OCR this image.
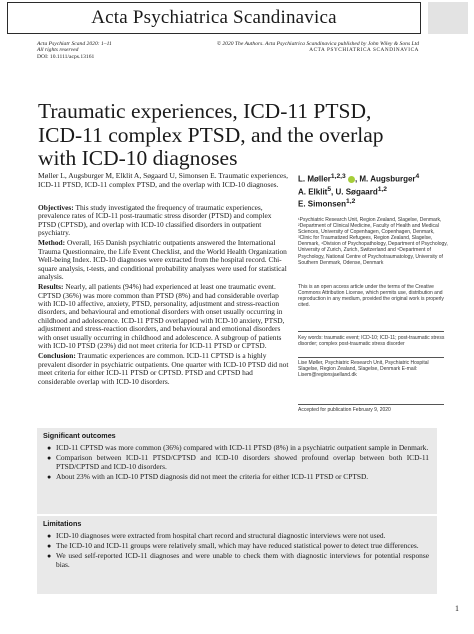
Acta Psychiatrica Scandinavica
Acta Psychiatr Scand 2020: 1–11
All rights reserved
DOI: 10.1111/acps.13161
© 2020 The Authors. Acta Psychiatrica Scandinavica published by John Wiley & Sons Ltd
ACTA PSYCHIATRICA SCANDINAVICA
Traumatic experiences, ICD-11 PTSD, ICD-11 complex PTSD, and the overlap with ICD-10 diagnoses
Møller L, Augsburger M, Elklit A, Søgaard U, Simonsen E. Traumatic experiences, ICD-11 PTSD, ICD-11 complex PTSD, and the overlap with ICD-10 diagnoses.

Objectives: This study investigated the frequency of traumatic experiences, prevalence rates of ICD-11 post-traumatic stress disorder (PTSD) and complex PTSD (CPTSD), and overlap with ICD-10 classified disorders in outpatient psychiatry.

Method: Overall, 165 Danish psychiatric outpatients answered the International Trauma Questionnaire, the Life Event Checklist, and the World Health Organization Well-being Index. ICD-10 diagnoses were extracted from the hospital record. Chi-square analysis, t-tests, and conditional probability analyses were used for statistical analysis.

Results: Nearly, all patients (94%) had experienced at least one traumatic event. CPTSD (36%) was more common than PTSD (8%) and had considerable overlap with ICD-10 affective, anxiety, PTSD, personality, adjustment and stress-reaction disorders, and behavioural and emotional disorders with onset usually occurring in childhood and adolescence. ICD-11 PTSD overlapped with ICD-10 anxiety, PTSD, adjustment and stress-reaction disorders, and behavioural and emotional disorders with onset usually occurring in childhood and adolescence. A subgroup of patients with ICD-10 PTSD (23%) did not meet criteria for ICD-11 PTSD or CPTSD.

Conclusion: Traumatic experiences are common. ICD-11 CPTSD is a highly prevalent disorder in psychiatric outpatients. One quarter with ICD-10 PTSD did not meet criteria for either ICD-11 PTSD or CPTSD. PTSD and CPTSD had considerable overlap with ICD-10 disorders.

L. Møller$^{1,2,3}$ , M. Augsburger$^4$
A. Elklit$^5$, U. Søgaard$^{1,2}$
E. Simonsen$^{1,2}$
¹Psychiatric Research Unit, Region Zealand, Slagelse, Denmark, ²Department of Clinical Medicine, Faculty of Health and Medical Sciences, University of Copenhagen, Copenhagen, Denmark, ³Clinic for Traumatized Refugees, Region Zealand, Slagelse, Denmark, ⁴Division of Psychopathology, Department of Psychology, University of Zurich, Zurich, Switzerland and ⁵Department of Psychology, National Centre of Psychotraumatology, University of Southern Denmark, Odense, Denmark
This is an open access article under the terms of the Creative Commons Attribution License, which permits use, distribution and reproduction in any medium, provided the original work is properly cited.
Key words: traumatic event; ICD-10; ICD-11; post-traumatic stress disorder; complex post-traumatic stress disorder
Lise Møller, Psychiatric Research Unit, Psychiatric Hospital Slagelse, Region Zealand, Slagelse, Denmark E-mail: Lisem@regionsjaelland.dk
Accepted for publication February 9, 2020
Significant outcomes
● ICD-11 CPTSD was more common (36%) compared with ICD-11 PTSD (8%) in a psychiatric outpatient sample in Denmark.
● Comparison between ICD-11 PTSD/CPTSD and ICD-10 disorders showed profound overlap between both ICD-11 PTSD/CPTSD and ICD-10 disorders.
● About 23% with an ICD-10 PTSD diagnosis did not meet the criteria for either ICD-11 PTSD or CPTSD.
Limitations
● ICD-10 diagnoses were extracted from hospital chart record and structural diagnostic interviews were not used.
● The ICD-10 and ICD-11 groups were relatively small, which may have reduced statistical power to detect true differences.
● We used self-reported ICD-11 diagnoses and were unable to check them with diagnostic interviews for potential response bias.
1
